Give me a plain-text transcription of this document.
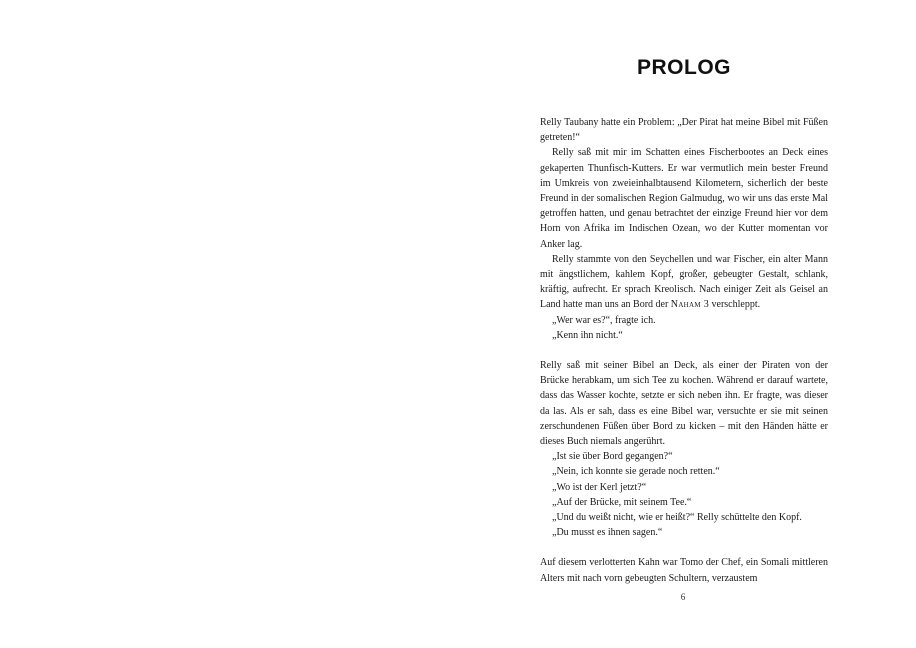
PROLOG

Relly Taubany hatte ein Problem: „Der Pirat hat meine Bibel mit Füßen getreten!“

Relly saß mit mir im Schatten eines Fischerbootes an Deck eines gekaperten Thunfisch-Kutters. Er war vermutlich mein bester Freund im Umkreis von zweieinhalbtausend Kilometern, sicherlich der beste Freund in der somalischen Region Galmudug, wo wir uns das erste Mal getroffen hatten, und genau betrachtet der einzige Freund hier vor dem Horn von Afrika im Indischen Ozean, wo der Kutter momentan vor Anker lag.

Relly stammte von den Seychellen und war Fischer, ein alter Mann mit ängstlichem, kahlem Kopf, großer, gebeugter Gestalt, schlank, kräftig, aufrecht. Er sprach Kreolisch. Nach einiger Zeit als Geisel an Land hatte man uns an Bord der Naham 3 verschleppt.

„Wer war es?“, fragte ich.

„Kenn ihn nicht.“

Relly saß mit seiner Bibel an Deck, als einer der Piraten von der Brücke herabkam, um sich Tee zu kochen. Während er darauf wartete, dass das Wasser kochte, setzte er sich neben ihn. Er fragte, was dieser da las. Als er sah, dass es eine Bibel war, versuchte er sie mit seinen zerschundenen Füßen über Bord zu kicken – mit den Händen hätte er dieses Buch niemals angerührt.

„Ist sie über Bord gegangen?“

„Nein, ich konnte sie gerade noch retten.“

„Wo ist der Kerl jetzt?“

„Auf der Brücke, mit seinem Tee.“

„Und du weißt nicht, wie er heißt?“ Relly schüttelte den Kopf.

„Du musst es ihnen sagen.“

Auf diesem verlotterten Kahn war Tomo der Chef, ein Somali mittleren Alters mit nach vorn gebeugten Schultern, verzaustem

6
